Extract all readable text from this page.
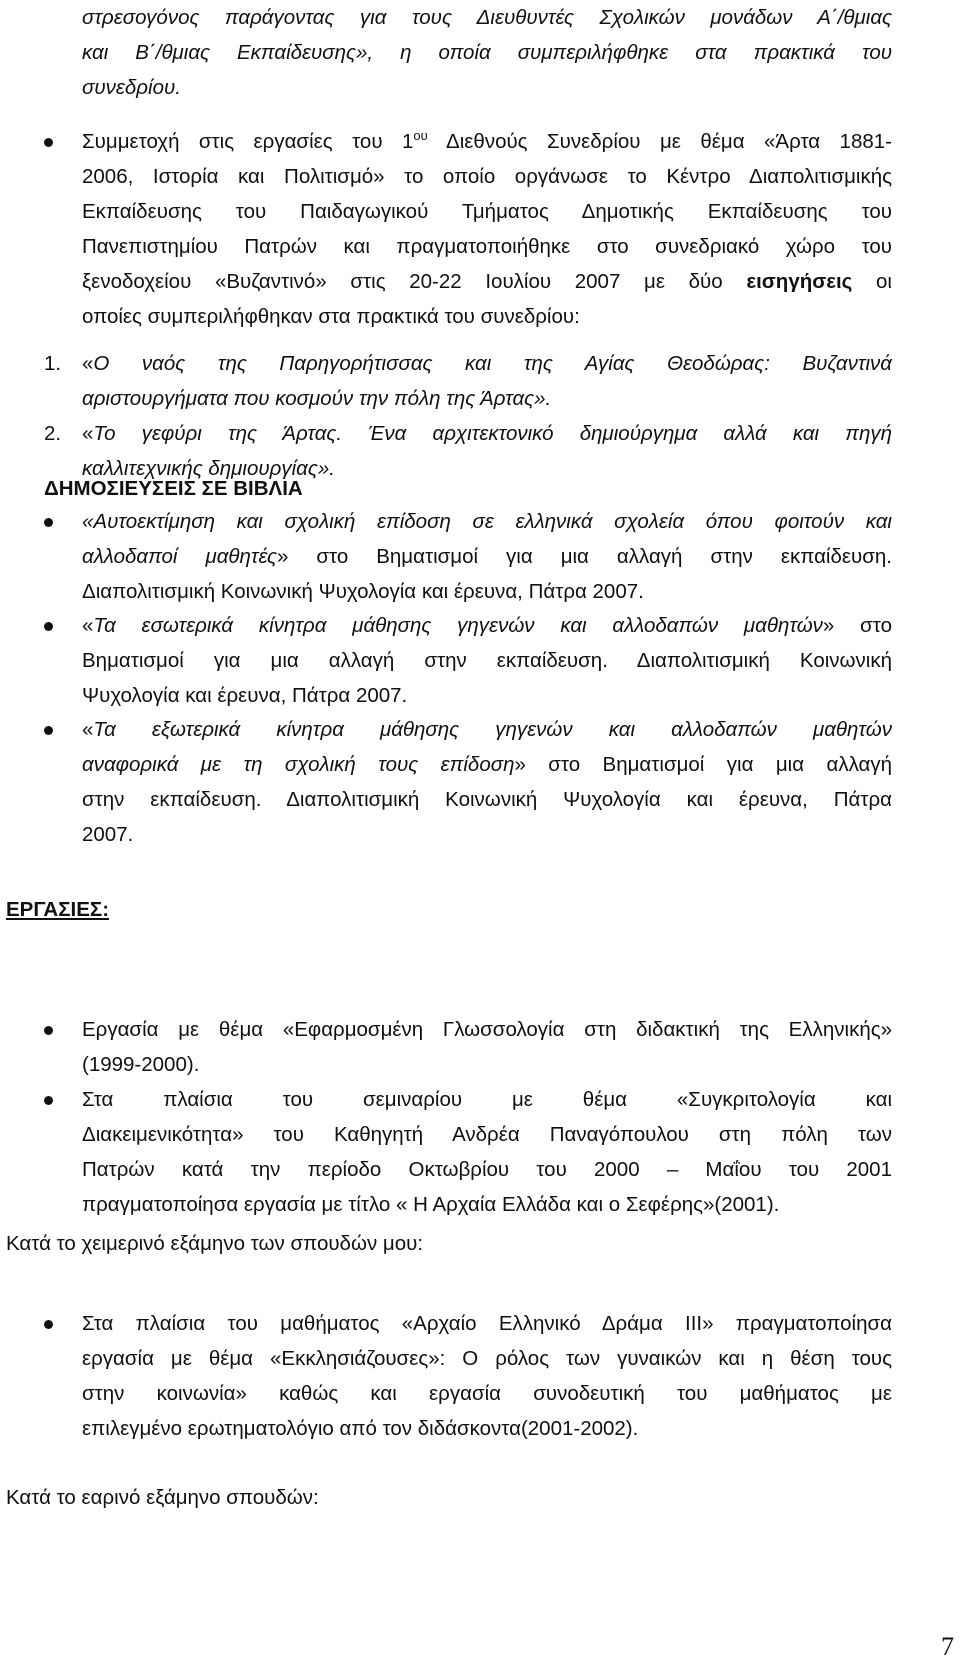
στρεσογόνος παράγοντας για τους Διευθυντές Σχολικών μονάδων Α΄/θμιας
και Β΄/θμιας Εκπαίδευσης», η οποία συμπεριλήφθηκε στα πρακτικά του
συνεδρίου.
Συμμετοχή στις εργασίες του $1^{o\upsilon}$ Διεθνούς Συνεδρίου με θέμα «Άρτα 1881-
2006, Ιστορία και Πολιτισμό» το οποίο οργάνωσε το Κέντρο Διαπολιτισμικής
Εκπαίδευσης του Παιδαγωγικού Τμήματος Δημοτικής Εκπαίδευσης του
Πανεπιστημίου Πατρών και πραγματοποιήθηκε στο συνεδριακό χώρο του
ξενοδοχείου «Βυζαντινό» στις 20-22 Ιουλίου 2007 με δύο εισηγήσεις οι
οποίες συμπεριλήφθηκαν στα πρακτικά του συνεδρίου:
1. «Ο ναός της Παρηγορήτισσας και της Αγίας Θεοδώρας: Βυζαντινά
αριστουργήματα που κοσμούν την πόλη της Άρτας».
2. «Το γεφύρι της Άρτας. Ένα αρχιτεκτονικό δημιούργημα αλλά και πηγή
καλλιτεχνικής δημιουργίας».
ΔΗΜΟΣΙΕΥΣΕΙΣ ΣΕ ΒΙΒΛΙΑ
«Αυτοεκτίμηση και σχολική επίδοση σε ελληνικά σχολεία όπου φοιτούν και
αλλοδαποί μαθητές» στο Βηματισμοί για μια αλλαγή στην εκπαίδευση.
Διαπολιτισμική Κοινωνική Ψυχολογία και έρευνα, Πάτρα 2007.
«Τα εσωτερικά κίνητρα μάθησης γηγενών και αλλοδαπών μαθητών» στο
Βηματισμοί για μια αλλαγή στην εκπαίδευση. Διαπολιτισμική Κοινωνική
Ψυχολογία και έρευνα, Πάτρα 2007.
«Τα εξωτερικά κίνητρα μάθησης γηγενών και αλλοδαπών μαθητών
αναφορικά με τη σχολική τους επίδοση» στο Βηματισμοί για μια αλλαγή
στην εκπαίδευση. Διαπολιτισμική Κοινωνική Ψυχολογία και έρευνα, Πάτρα
2007.
ΕΡΓΑΣΙΕΣ:
Εργασία με θέμα «Εφαρμοσμένη Γλωσσολογία στη διδακτική της Ελληνικής»
(1999-2000).
Στα πλαίσια του σεμιναρίου με θέμα «Συγκριτολογία και
Διακειμενικότητα» του Καθηγητή Ανδρέα Παναγόπουλου στη πόλη των
Πατρών κατά την περίοδο Οκτωβρίου του 2000 – Μαΐου του 2001
πραγματοποίησα εργασία με τίτλο « Η Αρχαία Ελλάδα και ο Σεφέρης»(2001).
Κατά το χειμερινό εξάμηνο των σπουδών μου:
Στα πλαίσια του μαθήματος «Αρχαίο Ελληνικό Δράμα ΙΙΙ» πραγματοποίησα
εργασία με θέμα «Εκκλησιάζουσες»: Ο ρόλος των γυναικών και η θέση τους
στην κοινωνία» καθώς και εργασία συνοδευτική του μαθήματος με
επιλεγμένο ερωτηματολόγιο από τον διδάσκοντα(2001-2002).
Κατά το εαρινό εξάμηνο σπουδών:
7
